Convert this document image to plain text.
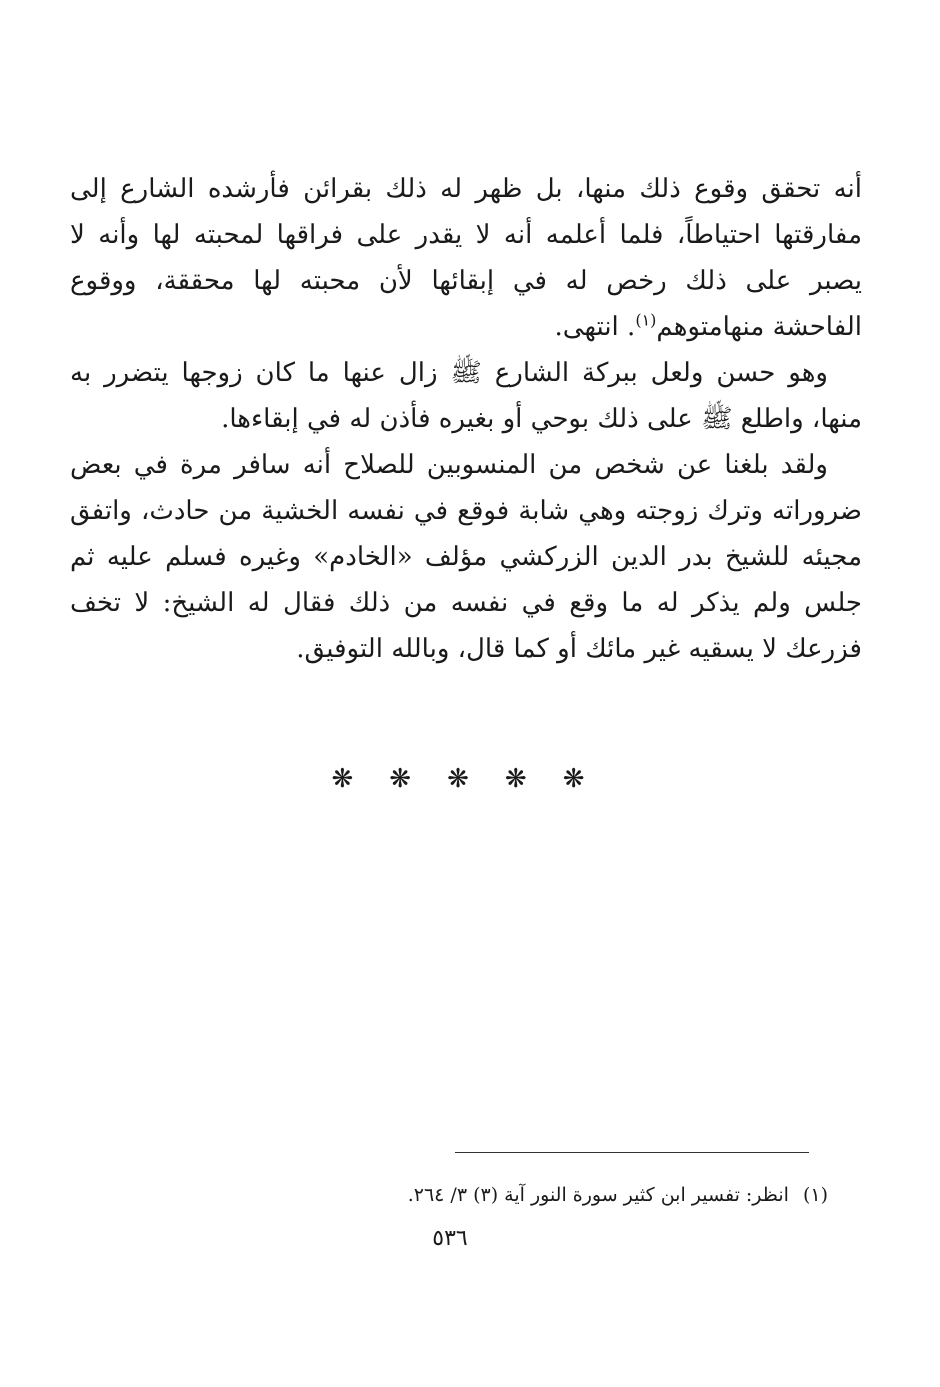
أنه تحقق وقوع ذلك منها، بل ظهر له ذلك بقرائن فأرشده الشارع إلى
مفارقتها احتياطاً، فلما أعلمه أنه لا يقدر على فراقها لمحبته لها وأنه لا
يصبر على ذلك رخص له في إبقائها لأن محبته لها محققة، ووقوع
الفاحشة منهامتوهم$^{(١)}$. انتهى.
وهو حسن ولعل ببركة الشارع ﷺ زال عنها ما كان زوجها يتضرر به
منها، واطلع ﷺ على ذلك بوحي أو بغيره فأذن له في إبقاءها.
ولقد بلغنا عن شخص من المنسوبين للصلاح أنه سافر مرة في بعض
ضروراته وترك زوجته وهي شابة فوقع في نفسه الخشية من حادث، واتفق
مجيئه للشيخ بدر الدين الزركشي مؤلف «الخادم» وغيره فسلم عليه ثم
جلس ولم يذكر له ما وقع في نفسه من ذلك فقال له الشيخ: لا تخف
فزرعك لا يسقيه غير مائك أو كما قال، وبالله التوفيق.
❋ ❋ ❋ ❋ ❋
(١)انظر: تفسير ابن كثير سورة النور آية (٣) ٣/ ٢٦٤.
٥٣٦
